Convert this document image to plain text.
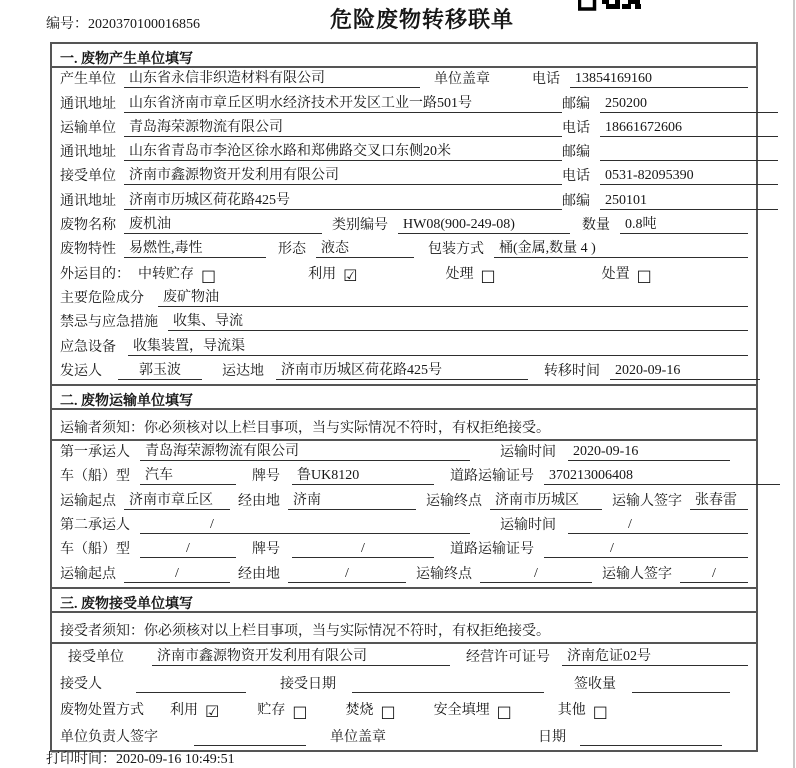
编号：2020370100016856	危险废物转移联单
一. 废物产生单位填写
产生单位 山东省永信非织造材料有限公司	单位盖章	电话	13854169160
通讯地址 山东省济南市章丘区明水经济技术开发区工业一路501号	邮编	250200
运输单位 青岛海荣源物流有限公司	电话	18661672606
通讯地址 山东省青岛市李沧区徐水路和郑佛路交叉口东侧20米	邮编
接受单位 济南市鑫源物资开发利用有限公司	电话	0531-82095390
通讯地址 济南市历城区荷花路425号	邮编	250101
废物名称 废机油	类别编号	HW08(900-249-08)	数量	0.8吨
废物特性 易燃性,毒性	形态	液态	包装方式	桶(金属,数量 4 )
外运目的： 中转贮存 □	利用 ☑	处理 □	处置 □
主要危险成分	废矿物油
禁忌与应急措施	收集、导流
应急设备	收集装置，导流渠
发运人	郭玉波	运达地	济南市历城区荷花路425号	转移时间	2020-09-16
二. 废物运输单位填写
运输者须知：你必须核对以上栏目事项，当与实际情况不符时，有权拒绝接受。
第一承运人	青岛海荣源物流有限公司	运输时间	2020-09-16
车（船）型	汽车	牌号	鲁UK8120	道路运输证号	370213006408
运输起点 济南市章丘区	经由地 济南	运输终点 济南市历城区	运输人签字 张春雷
第二承运人	/	运输时间	/
车（船）型	/	牌号	/	道路运输证号	/
运输起点	/	经由地	/	运输终点	/	运输人签字	/
三. 废物接受单位填写
接受者须知：你必须核对以上栏目事项，当与实际情况不符时，有权拒绝接受。
接受单位	济南市鑫源物资开发利用有限公司	经营许可证号	济南危证02号
接受人	接受日期	签收量
废物处置方式 利用 ☑	贮存 □	焚烧 □	安全填埋 □	其他 □
单位负责人签字	单位盖章	日期
打印时间：2020-09-16 10:49:51
